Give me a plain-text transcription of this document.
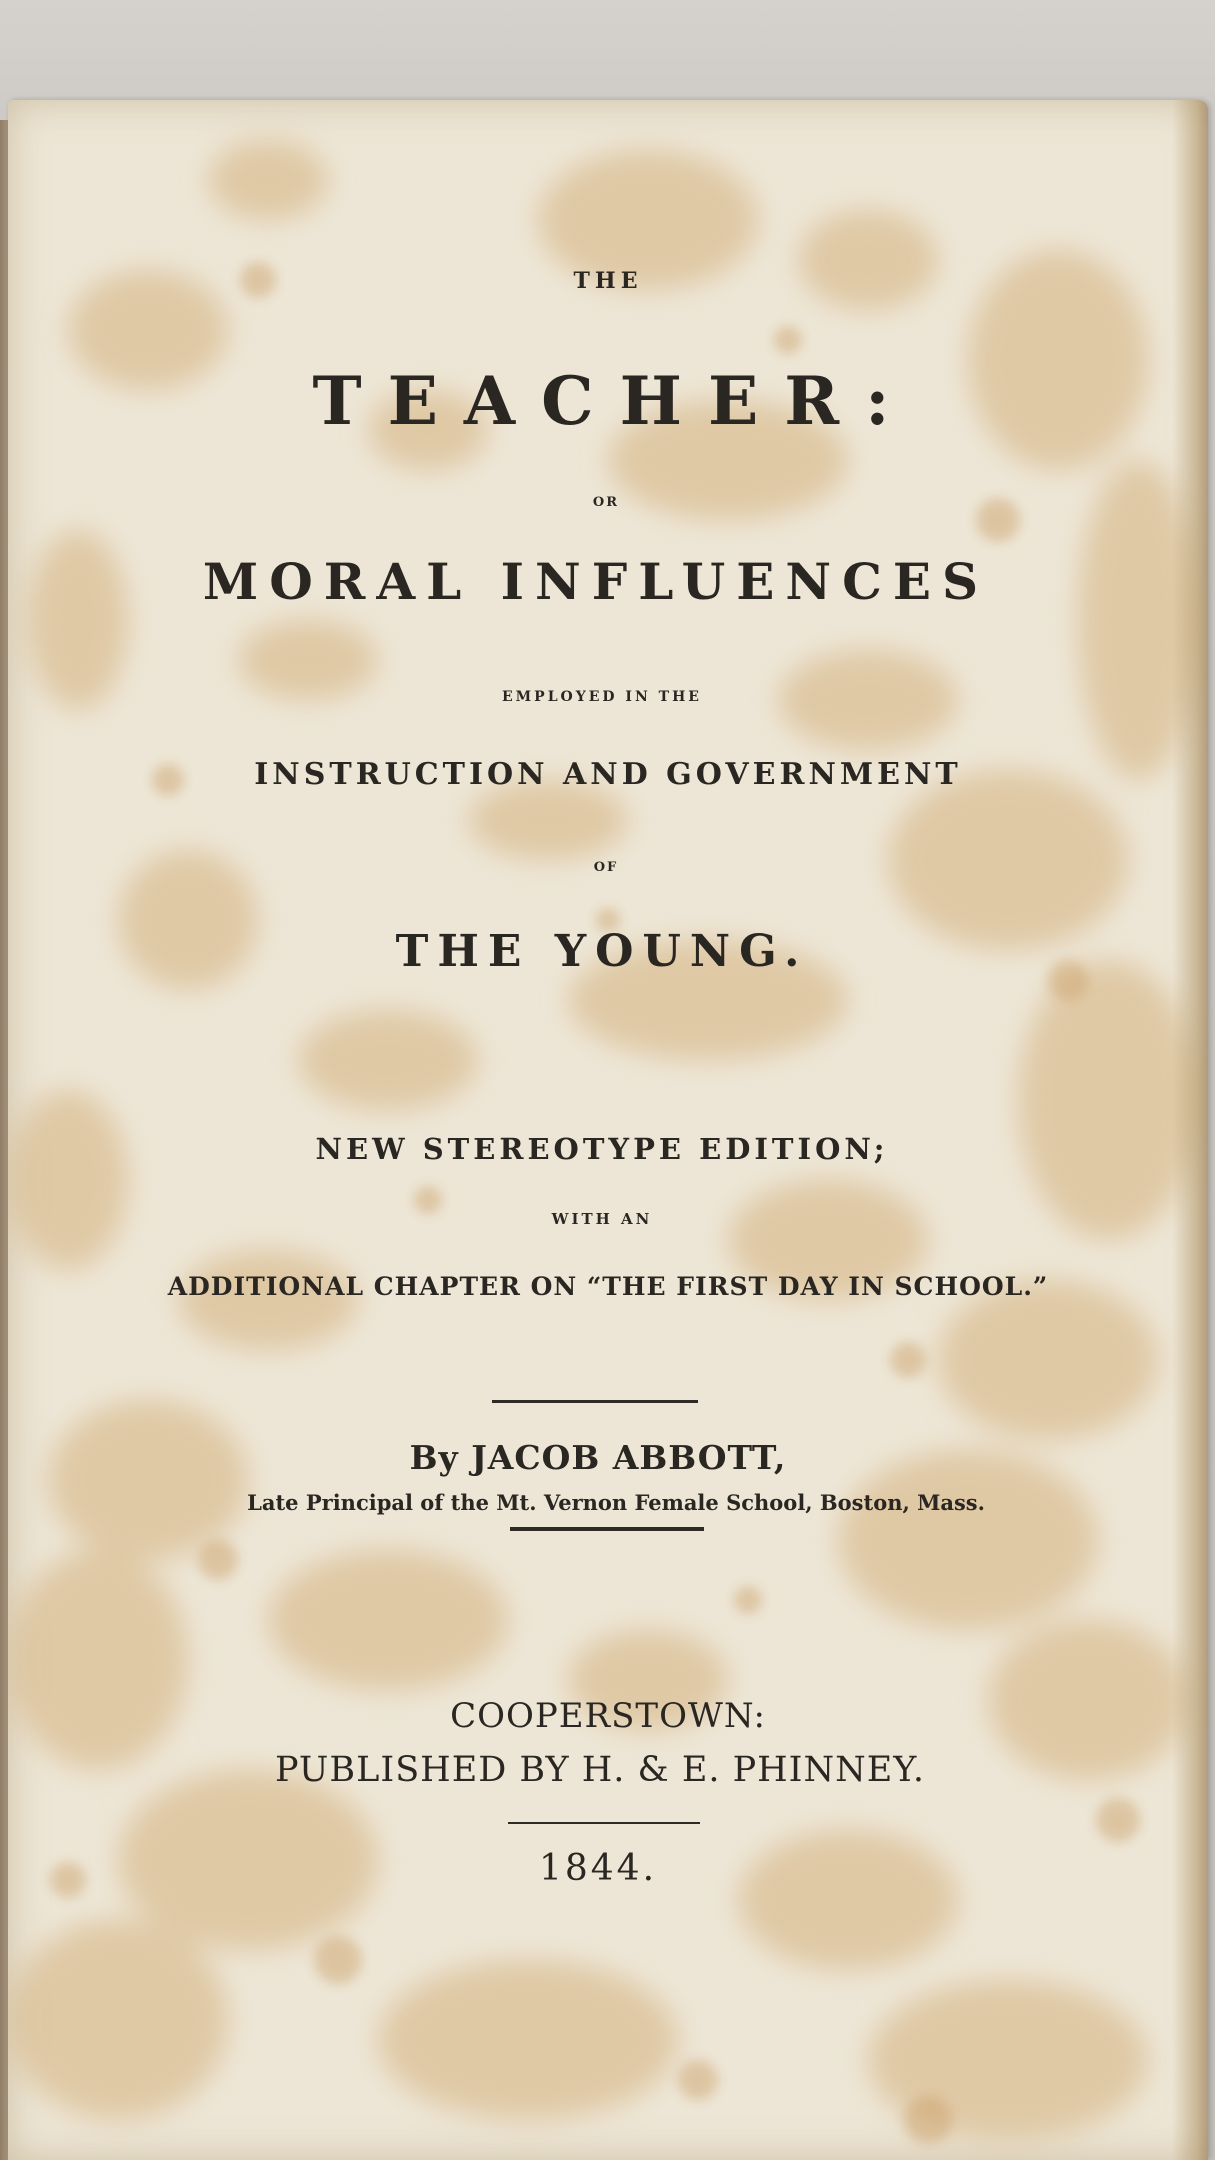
THE
TEACHER:
OR
MORAL INFLUENCES
EMPLOYED IN THE
INSTRUCTION AND GOVERNMENT
OF
THE YOUNG.
NEW STEREOTYPE EDITION;
WITH AN
ADDITIONAL CHAPTER ON “THE FIRST DAY IN SCHOOL.”
By JACOB ABBOTT,
Late Principal of the Mt. Vernon Female School, Boston, Mass.
COOPERSTOWN:
PUBLISHED BY H. & E. PHINNEY.
1844.
